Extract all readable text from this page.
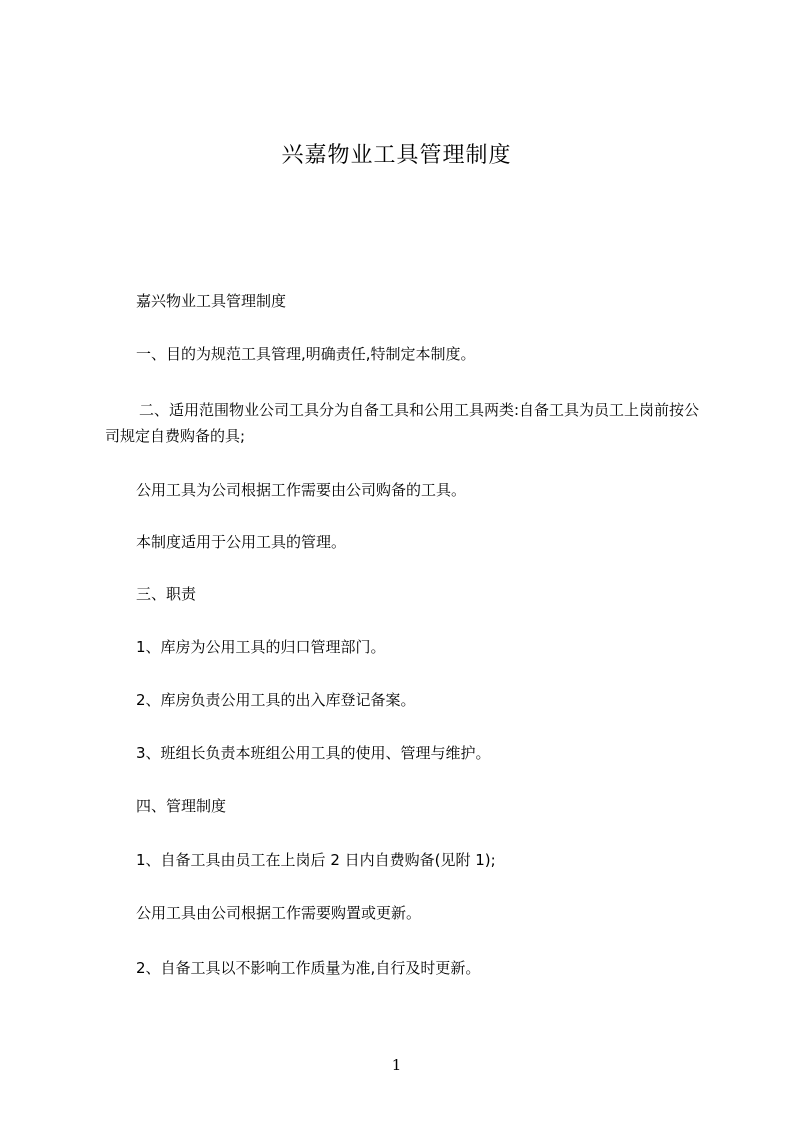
兴嘉物业工具管理制度
嘉兴物业工具管理制度
一、目的为规范工具管理,明确责任,特制定本制度。
二、适用范围物业公司工具分为自备工具和公用工具两类:自备工具为员工上岗前按公司规定自费购备的具;
公用工具为公司根据工作需要由公司购备的工具。
本制度适用于公用工具的管理。
三、职责
1、库房为公用工具的归口管理部门。
2、库房负责公用工具的出入库登记备案。
3、班组长负责本班组公用工具的使用、管理与维护。
四、管理制度
1、自备工具由员工在上岗后 2 日内自费购备(见附 1);
公用工具由公司根据工作需要购置或更新。
2、自备工具以不影响工作质量为准,自行及时更新。
1
